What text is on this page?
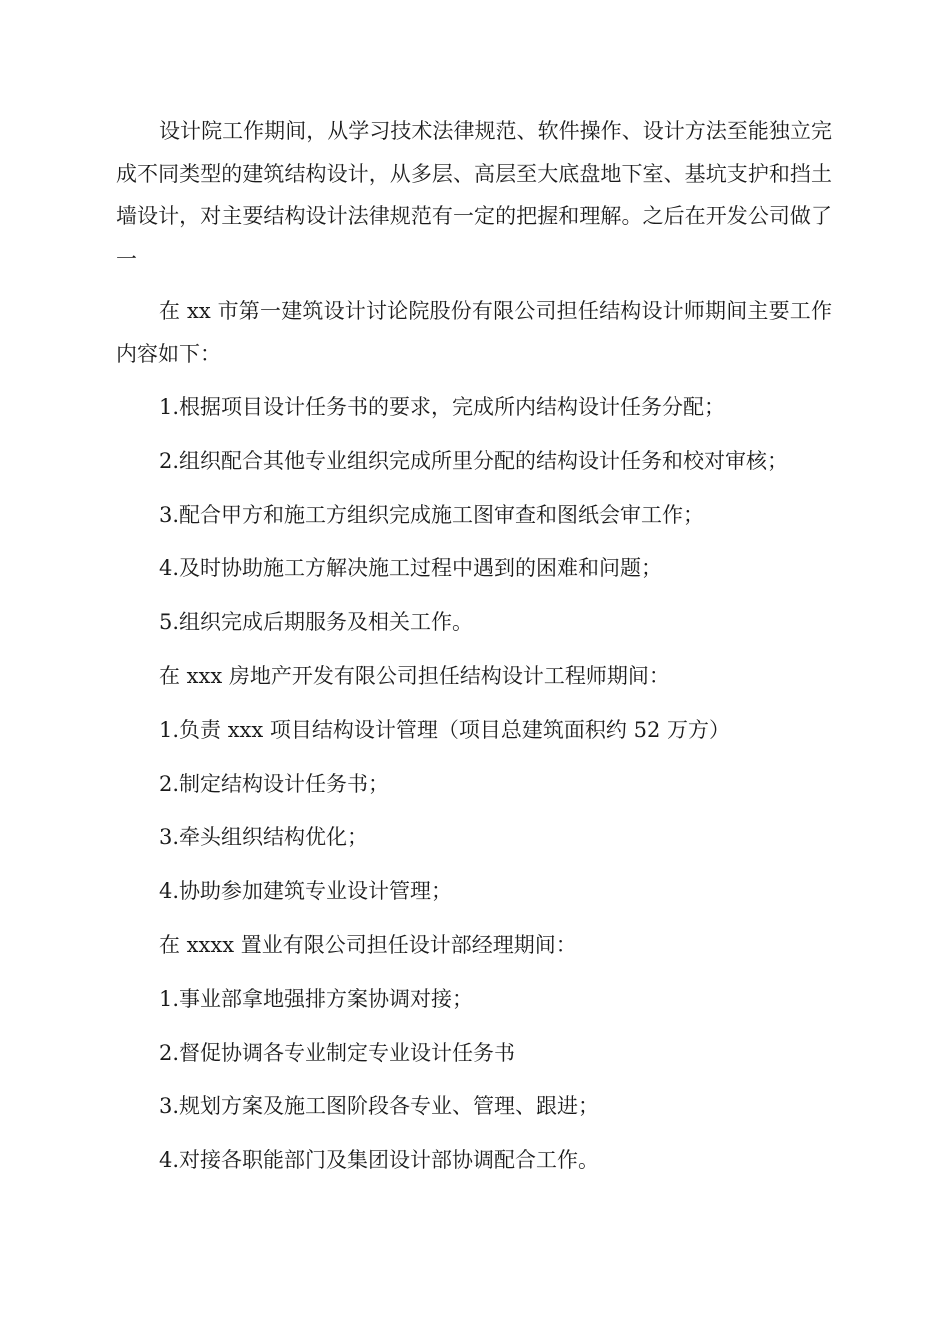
设计院工作期间，从学习技术法律规范、软件操作、设计方法至能独立完成不同类型的建筑结构设计，从多层、高层至大底盘地下室、基坑支护和挡土墙设计，对主要结构设计法律规范有一定的把握和理解。之后在开发公司做了一

在 xx 市第一建筑设计讨论院股份有限公司担任结构设计师期间主要工作内容如下：

1.根据项目设计任务书的要求，完成所内结构设计任务分配；

2.组织配合其他专业组织完成所里分配的结构设计任务和校对审核；

3.配合甲方和施工方组织完成施工图审查和图纸会审工作；

4.及时协助施工方解决施工过程中遇到的困难和问题；

5.组织完成后期服务及相关工作。

在 xxx 房地产开发有限公司担任结构设计工程师期间：

1.负责 xxx 项目结构设计管理（项目总建筑面积约 52 万方）

2.制定结构设计任务书；

3.牵头组织结构优化；

4.协助参加建筑专业设计管理；

在 xxxx 置业有限公司担任设计部经理期间：

1.事业部拿地强排方案协调对接；

2.督促协调各专业制定专业设计任务书

3.规划方案及施工图阶段各专业、管理、跟进；

4.对接各职能部门及集团设计部协调配合工作。
